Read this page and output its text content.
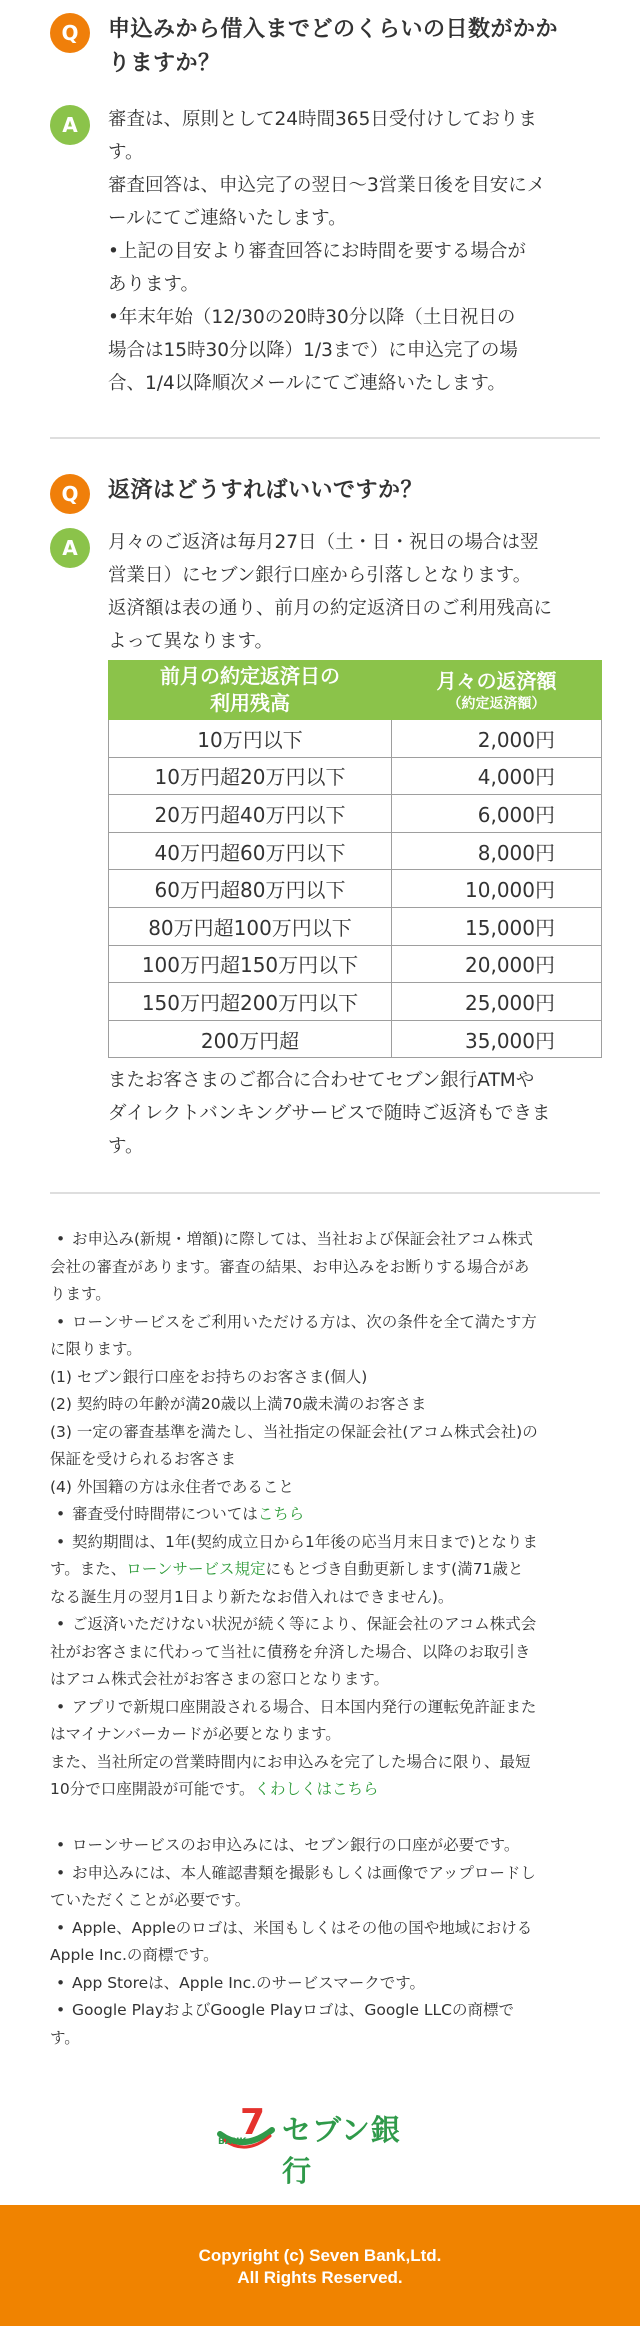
Q	申込みから借入までどのくらいの日数がかか
りますか？
A	審査は、原則として24時間365日受付けしておりま

す。

審査回答は、申込完了の翌日〜3営業日後を目安にメ

ールにてご連絡いたします。

•上記の目安より審査回答にお時間を要する場合が

あります。

•年末年始（12/30の20時30分以降（土日祝日の

場合は15時30分以降）1/3まで）に申込完了の場

合、1/4以降順次メールにてご連絡いたします。

Q	返済はどうすればいいですか？
A	月々のご返済は毎月27日（土・日・祝日の場合は翌

営業日）にセブン銀行口座から引落しとなります。

返済額は表の通り、前月の約定返済日のご利用残高に

よって異なります。

前月の約定返済日の
利用残高	月々の返済額
（約定返済額）

10万円以下	2,000円
10万円超20万円以下	4,000円
20万円超40万円以下	6,000円
40万円超60万円以下	8,000円
60万円超80万円以下	10,000円
80万円超100万円以下	15,000円
100万円超150万円以下	20,000円
150万円超200万円以下	25,000円
200万円超	35,000円

またお客さまのご都合に合わせてセブン銀行ATMや

ダイレクトバンキングサービスで随時ご返済もできま

す。

• お申込み(新規・増額)に際しては、当社および保証会社アコム株式
会社の審査があります。審査の結果、お申込みをお断りする場合があ
ります。
• ローンサービスをご利用いただける方は、次の条件を全て満たす方
に限ります。
(1) セブン銀行口座をお持ちのお客さま(個人)
(2) 契約時の年齢が満20歳以上満70歳未満のお客さま
(3) 一定の審査基準を満たし、当社指定の保証会社(アコム株式会社)の
保証を受けられるお客さま
(4) 外国籍の方は永住者であること
• 審査受付時間帯についてはこちら
• 契約期間は、1年(契約成立日から1年後の応当月末日まで)となりま
す。また、ローンサービス規定にもとづき自動更新します(満71歳と
なる誕生月の翌月1日より新たなお借入れはできません)。
• ご返済いただけない状況が続く等により、保証会社のアコム株式会
社がお客さまに代わって当社に債務を弁済した場合、以降のお取引き
はアコム株式会社がお客さまの窓口となります。
• アプリで新規口座開設される場合、日本国内発行の運転免許証また
はマイナンバーカードが必要となります。
また、当社所定の営業時間内にお申込みを完了した場合に限り、最短
10分で口座開設が可能です。くわしくはこちら
• ローンサービスのお申込みには、セブン銀行の口座が必要です。
• お申込みには、本人確認書類を撮影もしくは画像でアップロードし
ていただくことが必要です。
• Apple、Appleのロゴは、米国もしくはその他の国や地域における
Apple Inc.の商標です。
• App Storeは、Apple Inc.のサービスマークです。
• Google PlayおよびGoogle Playロゴは、Google LLCの商標で
す。
7
BANK セブン銀行
Copyright (c) Seven Bank,Ltd.
All Rights Reserved.
